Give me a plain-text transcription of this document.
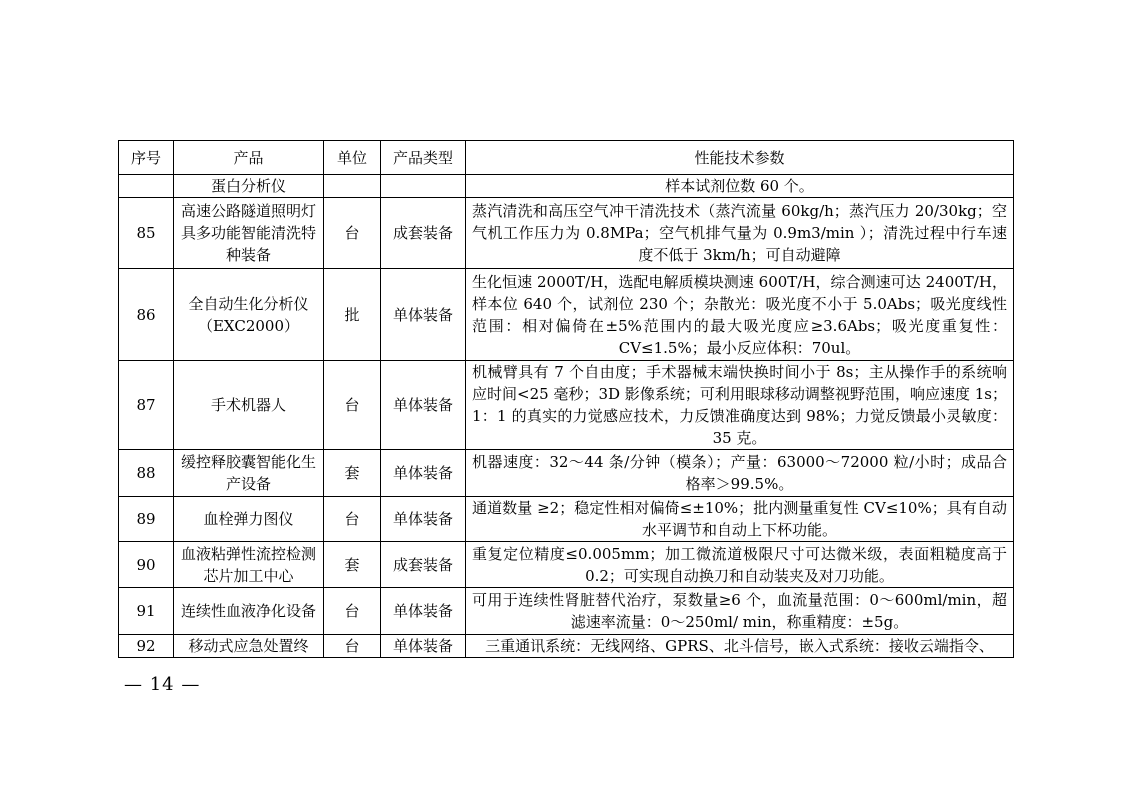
序号	产品	单位	产品类型	性能技术参数
	蛋白分析仪			样本试剂位数 60 个。
85	高速公路隧道照明灯具多功能智能清洗特种装备	台	成套装备	蒸汽清洗和高压空气冲干清洗技术（蒸汽流量 60kg/h；蒸汽压力 20/30kg；空气机工作压力为 0.8MPa；空气机排气量为 0.9m3/min ）；清洗过程中行车速度不低于 3km/h；可自动避障
86	全自动生化分析仪（EXC2000）	批	单体装备	生化恒速 2000T/H，选配电解质模块测速 600T/H，综合测速可达 2400T/H，样本位 640 个，试剂位 230 个；杂散光：吸光度不小于 5.0Abs；吸光度线性范围：相对偏倚在±5%范围内的最大吸光度应≥3.6Abs；吸光度重复性：CV≤1.5%；最小反应体积：70ul。
87	手术机器人	台	单体装备	机械臂具有 7 个自由度；手术器械末端快换时间小于 8s；主从操作手的系统响应时间<25 毫秒；3D 影像系统；可利用眼球移动调整视野范围，响应速度 1s；1：1 的真实的力觉感应技术，力反馈准确度达到 98%；力觉反馈最小灵敏度：35 克。
88	缓控释胶囊智能化生产设备	套	单体装备	机器速度：32～44 条/分钟（模条）；产量：63000～72000 粒/小时；成品合格率＞99.5%。
89	血栓弹力图仪	台	单体装备	通道数量 ≥2；稳定性相对偏倚≤±10%；批内测量重复性 CV≤10%；具有自动水平调节和自动上下杯功能。
90	血液粘弹性流控检测芯片加工中心	套	成套装备	重复定位精度≤0.005mm；加工微流道极限尺寸可达微米级，表面粗糙度高于 0.2；可实现自动换刀和自动装夹及对刀功能。
91	连续性血液净化设备	台	单体装备	可用于连续性肾脏替代治疗，泵数量≥6 个，血流量范围：0～600ml/min，超滤速率流量：0～250ml/ min，称重精度：±5g。
92	移动式应急处置终	台	单体装备	三重通讯系统：无线网络、GPRS、北斗信号，嵌入式系统：接收云端指令、
— 14 —
